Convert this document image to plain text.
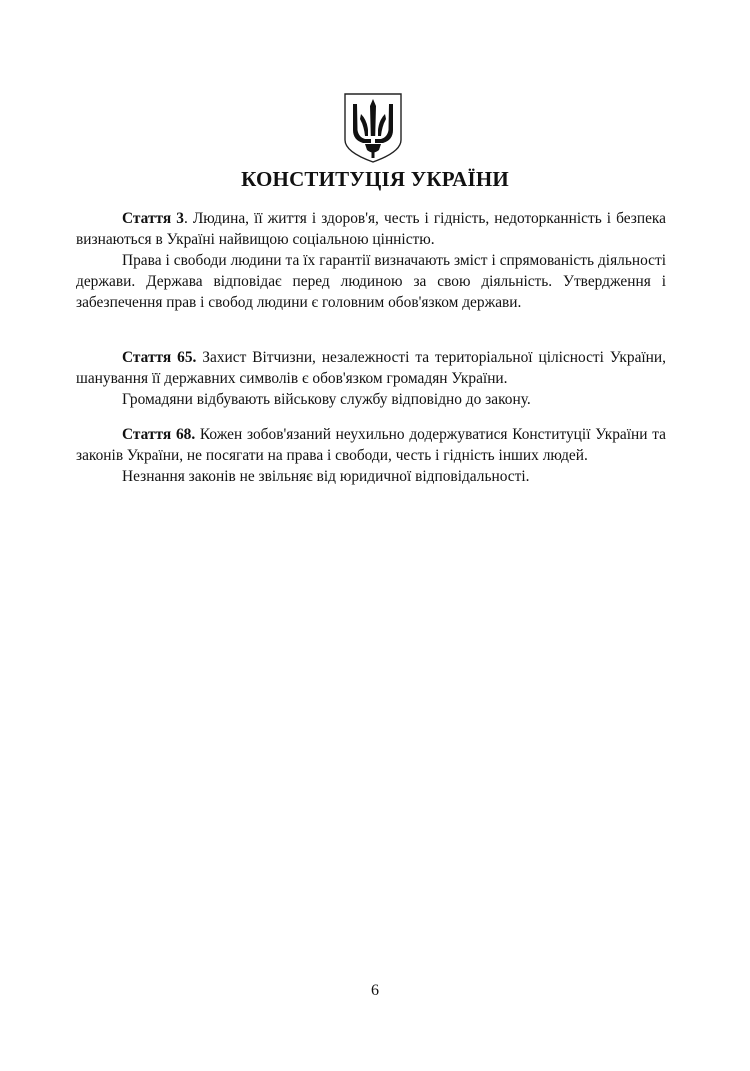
КОНСТИТУЦІЯ УКРАЇНИ

Стаття 3. Людина, її життя і здоров'я, честь і гідність, недоторканність і безпека визнаються в Україні найвищою соціальною цінністю.

Права і свободи людини та їх гарантії визначають зміст і спрямованість діяльності держави. Держава відповідає перед людиною за свою діяльність. Утвердження і забезпечення прав і свобод людини є головним обов'язком держави.

Стаття 65. Захист Вітчизни, незалежності та територіальної цілісності України, шанування її державних символів є обов'язком громадян України.

Громадяни відбувають військову службу відповідно до закону.

Стаття 68. Кожен зобов'язаний неухильно додержуватися Конституції України та законів України, не посягати на права і свободи, честь і гідність інших людей.

Незнання законів не звільняє від юридичної відповідальності.

6
